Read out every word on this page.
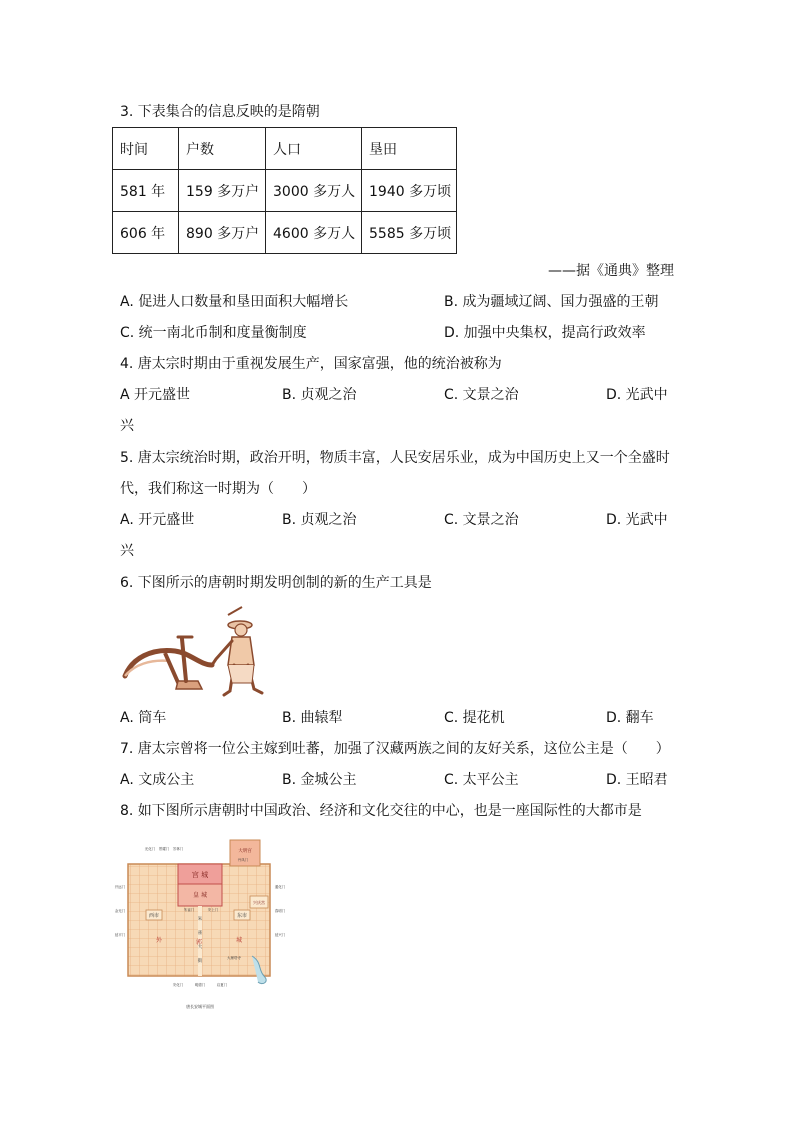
3. 下表集合的信息反映的是隋朝
时间	户数	人口	垦田
581 年	159 多万户	3000 多万人	1940 多万顷
606 年	890 多万户	4600 多万人	5585 多万顷
——据《通典》整理
A. 促进人口数量和垦田面积大幅增长	B. 成为疆域辽阔、国力强盛的王朝
C. 统一南北币制和度量衡制度	D. 加强中央集权，提高行政效率
4. 唐太宗时期由于重视发展生产，国家富强，他的统治被称为
A 开元盛世	B. 贞观之治	C. 文景之治	D. 光武中
兴
5. 唐太宗统治时期，政治开明，物质丰富，人民安居乐业，成为中国历史上又一个全盛时
代，我们称这一时期为（　　）
A. 开元盛世	B. 贞观之治	C. 文景之治	D. 光武中
兴
6. 下图所示的唐朝时期发明创制的新的生产工具是
A. 筒车	B. 曲辕犁	C. 提花机	D. 翻车
7. 唐太宗曾将一位公主嫁到吐蕃，加强了汉藏两族之间的友好关系，这位公主是（　　）
A. 文成公主	B. 金城公主	C. 太平公主	D. 王昭君
8. 如下图所示唐朝时中国政治、经济和文化交往的中心，也是一座国际性的大都市是
宫 城
皇 城
大明宫
西市	东市
兴庆宫
大雁塔寺
丹凤门
安上门
朱雀门
外	郭	城
朱
雀
大
街
光化门 景耀门 芳林门
开远门
金光门
延平门
通化门
春明门
延兴门
安化门	明德门	启夏门
唐长安城平面图
